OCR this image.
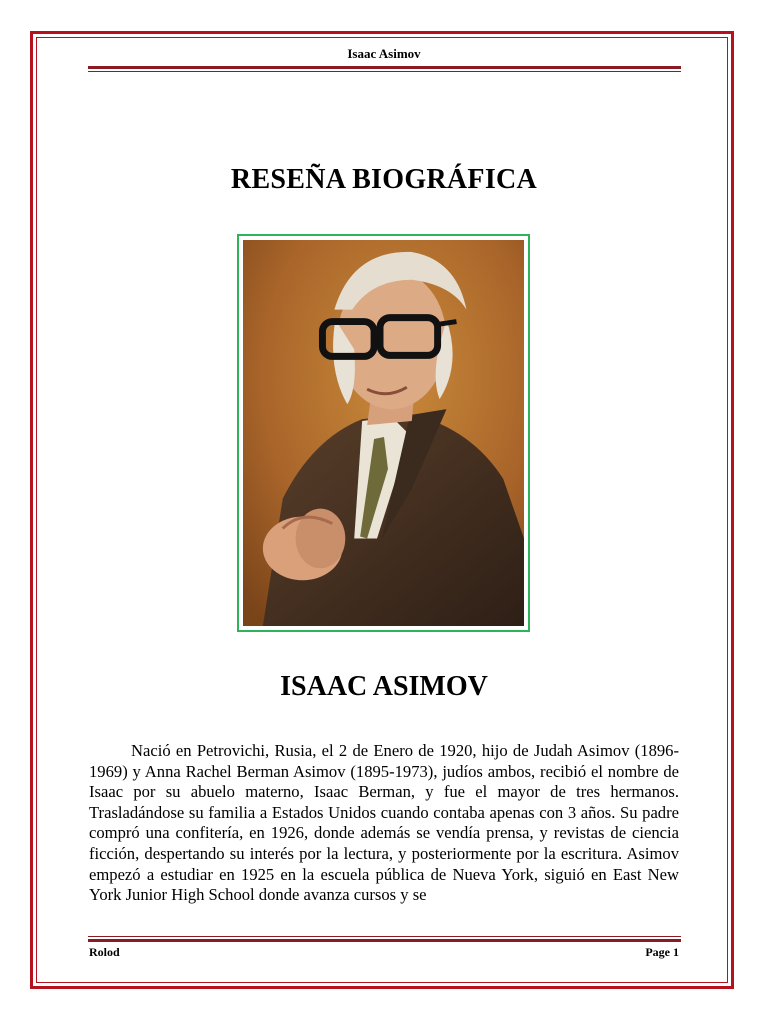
Isaac Asimov
RESEÑA BIOGRÁFICA
ISAAC ASIMOV

Nació en Petrovichi, Rusia, el 2 de Enero de 1920, hijo de Judah Asimov (1896-1969) y Anna Rachel Berman Asimov (1895-1973), judíos ambos, recibió el nombre de Isaac por su abuelo materno, Isaac Berman, y fue el mayor de tres hermanos. Trasladándose su familia a Estados Unidos cuando contaba apenas con 3 años. Su padre compró una confitería, en 1926, donde además se vendía prensa, y revistas de ciencia ficción, despertando su interés por la lectura, y posteriormente por la escritura. Asimov empezó a estudiar en 1925 en la escuela pública de Nueva York, siguió en East New York Junior High School donde avanza cursos y se

Rolod	Page 1
